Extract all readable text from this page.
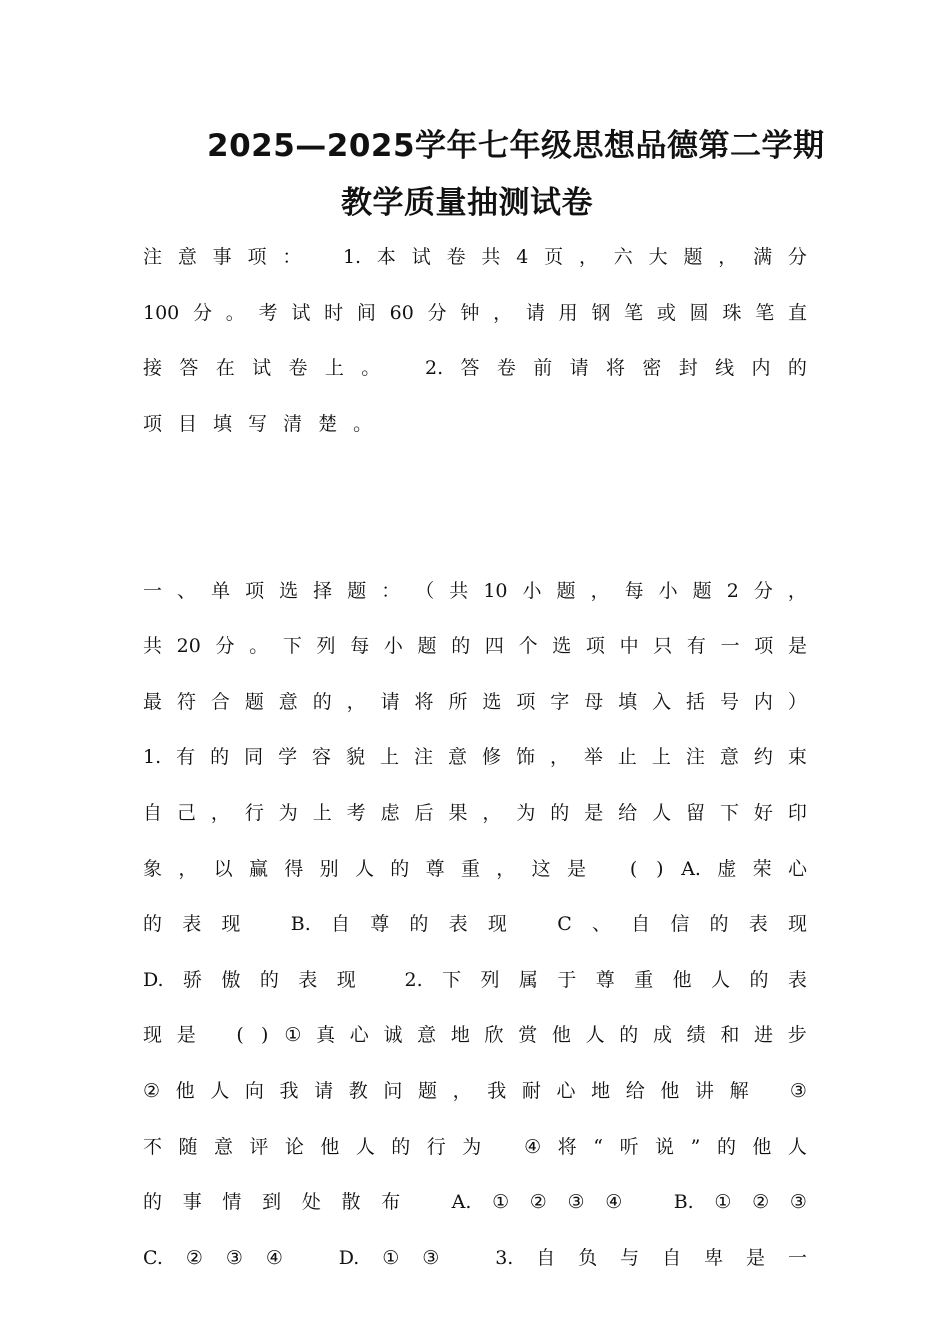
2025—2025学年七年级思想品德第二学期
教学质量抽测试卷
注 意 事 项 ： 1. 本 试 卷 共 4 页 ， 六 大 题 ， 满 分
100 分 。 考 试 时 间 60 分 钟 ， 请 用 钢 笔 或 圆 珠 笔 直
接 答 在 试 卷 上 。 2. 答 卷 前 请 将 密 封 线 内 的
项 目 填 写 清 楚 。
一 、 单 项 选 择 题 ： （ 共 10 小 题 ， 每 小 题 2 分 ，
共 20 分 。 下 列 每 小 题 的 四 个 选 项 中 只 有 一 项 是
最 符 合 题 意 的 ， 请 将 所 选 项 字 母 填 入 括 号 内 ）
1. 有 的 同 学 容 貌 上 注 意 修 饰 ， 举 止 上 注 意 约 束
自 己 ， 行 为 上 考 虑 后 果 ， 为 的 是 给 人 留 下 好 印
象 ， 以 赢 得 别 人 的 尊 重 ， 这 是 ( ) A. 虚 荣 心
的 表 现	B. 自 尊 的 表 现	C 、 自 信 的 表 现
D. 骄 傲 的 表 现	2. 下 列 属 于 尊 重 他 人 的 表
现 是 ( ) ① 真 心 诚 意 地 欣 赏 他 人 的 成 绩 和 进 步
② 他 人 向 我 请 教 问 题 ， 我 耐 心 地 给 他 讲 解 ③
不 随 意 评 论 他 人 的 行 为 ④ 将 “ 听 说 ” 的 他 人
的 事 情 到 处 散 布	A. ① ② ③ ④	B. ① ② ③
C. ② ③ ④	D. ① ③	3. 自 负 与 自 卑 是 一
